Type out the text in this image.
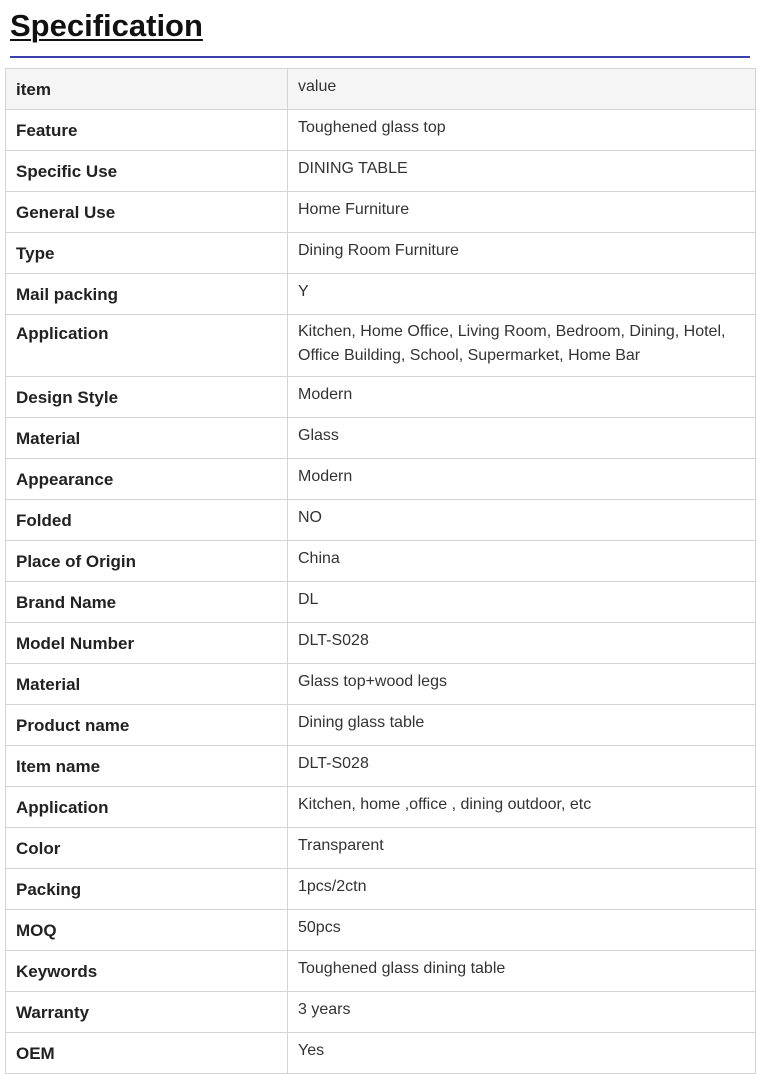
Specification
item	value
Feature	Toughened glass top
Specific Use	DINING TABLE
General Use	Home Furniture
Type	Dining Room Furniture
Mail packing	Y
Application	Kitchen, Home Office, Living Room, Bedroom, Dining, Hotel, Office Building, School, Supermarket, Home Bar
Design Style	Modern
Material	Glass
Appearance	Modern
Folded	NO
Place of Origin	China
Brand Name	DL
Model Number	DLT-S028
Material	Glass top+wood legs
Product name	Dining glass table
Item name	DLT-S028
Application	Kitchen, home ,office , dining outdoor, etc
Color	Transparent
Packing	1pcs/2ctn
MOQ	50pcs
Keywords	Toughened glass dining table
Warranty	3 years
OEM	Yes
